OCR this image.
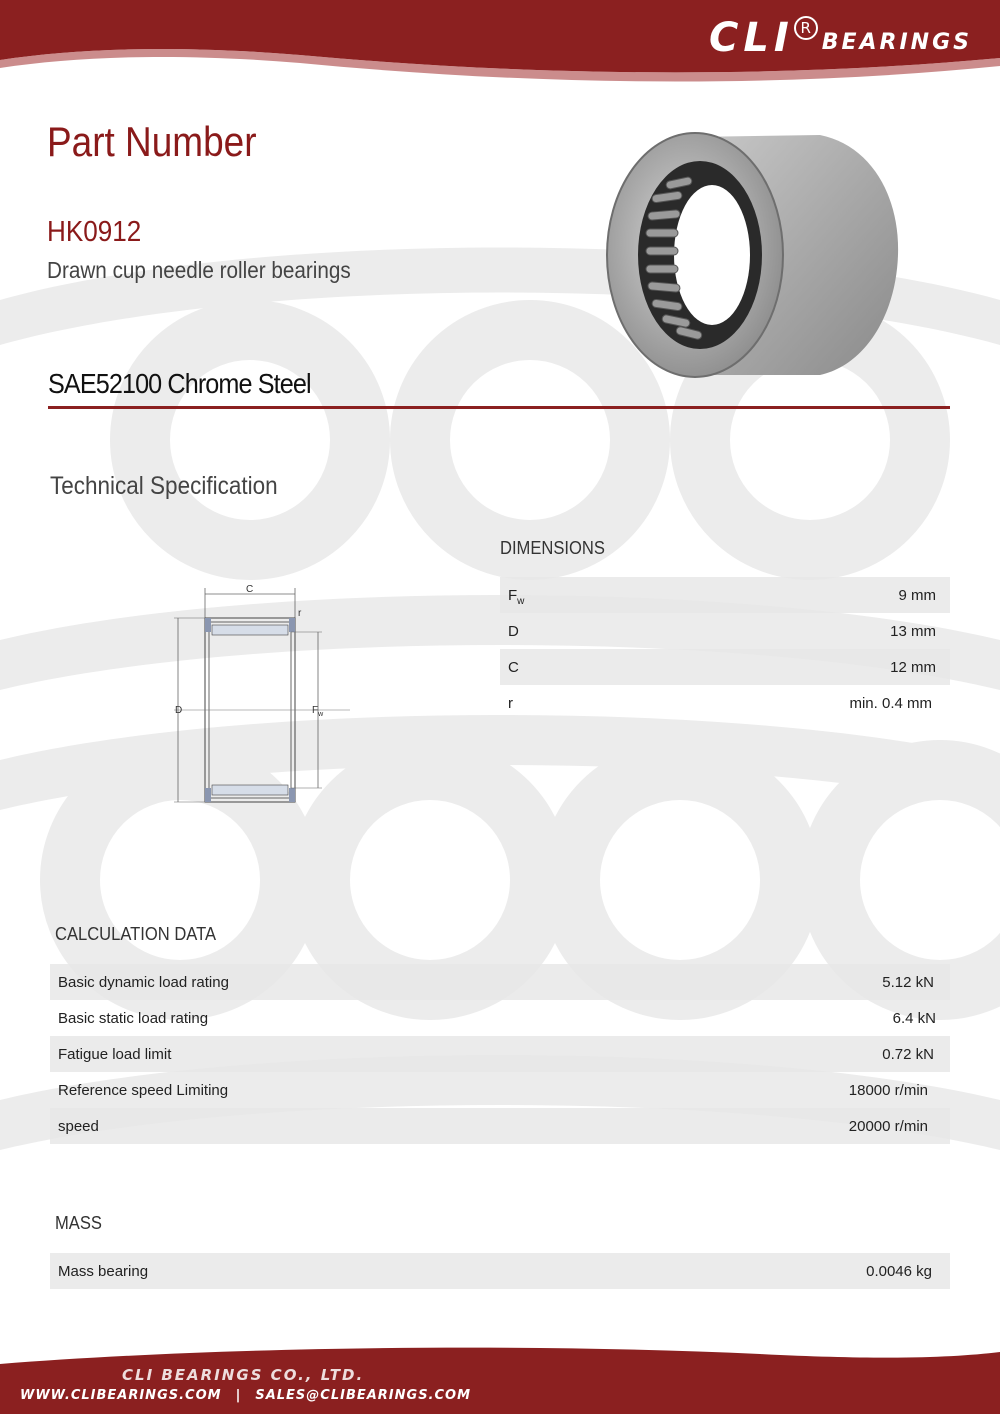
CLI R
BEARINGS
Part Number
HK0912
Drawn cup needle roller bearings
SAE52100 Chrome Steel
Technical Specification
C
r
D	$F_w$
DIMENSIONS
$F_w$	9 mm
D	13 mm
C	12 mm
r	min. 0.4 mm
CALCULATION DATA
Basic dynamic load rating	5.12 kN
Basic static load rating	6.4 kN
Fatigue load limit	0.72 kN
Reference speed Limiting	18000 r/min
speed	20000 r/min
MASS
Mass bearing	0.0046 kg
CLI BEARINGS CO., LTD.
WWW.CLIBEARINGS.COM | SALES@CLIBEARINGS.COM
